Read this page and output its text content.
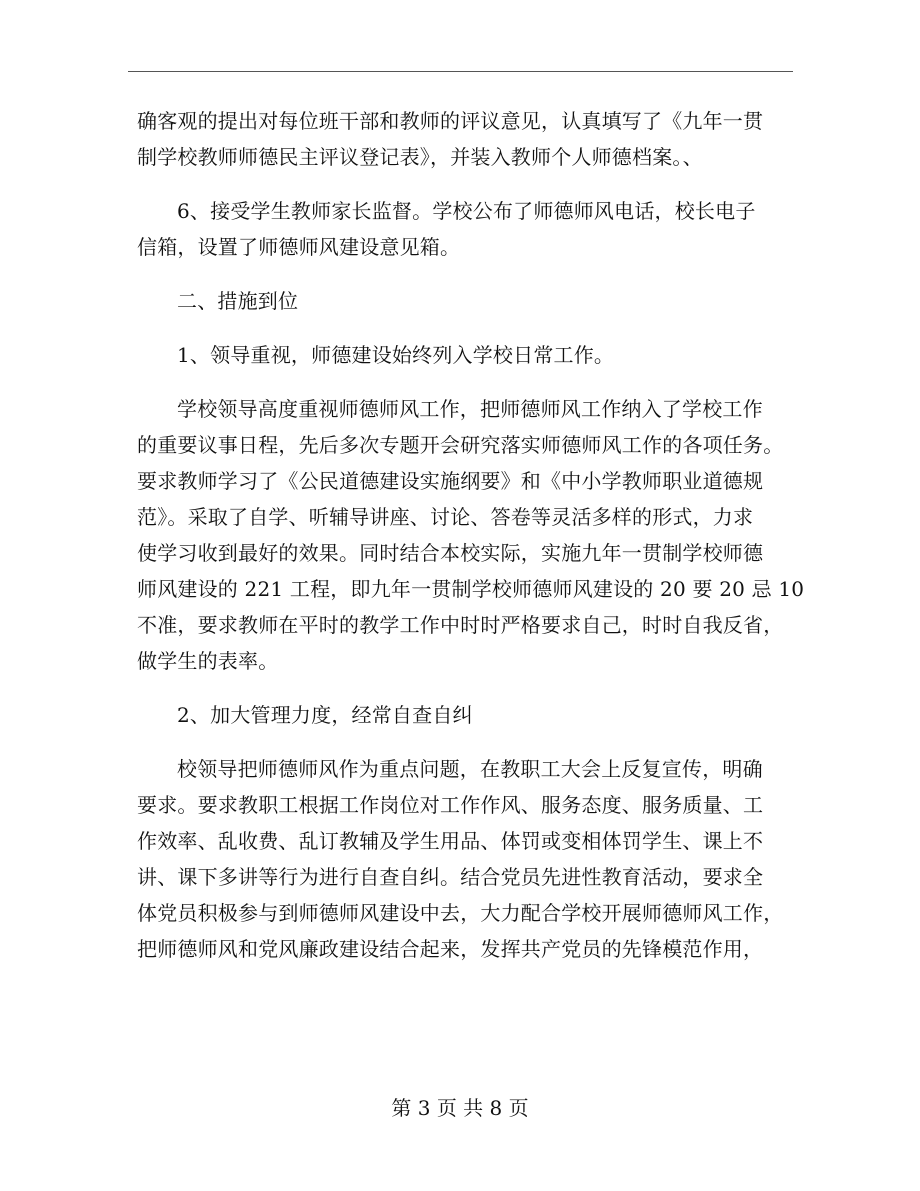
确客观的提出对每位班干部和教师的评议意见，认真填写了《九年一贯
制学校教师师德民主评议登记表》，并装入教师个人师德档案。、
6、接受学生教师家长监督。学校公布了师德师风电话，校长电子
信箱，设置了师德师风建设意见箱。
二、措施到位
1、领导重视，师德建设始终列入学校日常工作。
学校领导高度重视师德师风工作，把师德师风工作纳入了学校工作
的重要议事日程，先后多次专题开会研究落实师德师风工作的各项任务。
要求教师学习了《公民道德建设实施纲要》和《中小学教师职业道德规
范》。采取了自学、听辅导讲座、讨论、答卷等灵活多样的形式，力求
使学习收到最好的效果。同时结合本校实际，实施九年一贯制学校师德
师风建设的 221 工程，即九年一贯制学校师德师风建设的 20 要 20 忌 10
不准，要求教师在平时的教学工作中时时严格要求自己，时时自我反省，
做学生的表率。
2、加大管理力度，经常自查自纠
校领导把师德师风作为重点问题，在教职工大会上反复宣传，明确
要求。要求教职工根据工作岗位对工作作风、服务态度、服务质量、工
作效率、乱收费、乱订教辅及学生用品、体罚或变相体罚学生、课上不
讲、课下多讲等行为进行自查自纠。结合党员先进性教育活动，要求全
体党员积极参与到师德师风建设中去，大力配合学校开展师德师风工作，
把师德师风和党风廉政建设结合起来，发挥共产党员的先锋模范作用，
第 3 页 共 8 页
